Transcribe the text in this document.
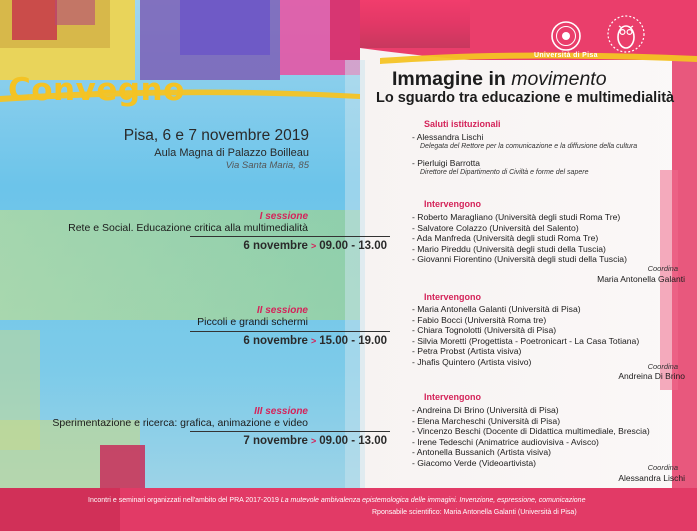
Università di Pisa
Convegno	Immagine in movimento
Lo sguardo tra educazione e multimedialità
Pisa, 6 e 7 novembre 2019
Aula Magna di Palazzo Boilleau
Via Santa Maria, 85
I sessione
Rete e Social. Educazione critica alla multimedialità
6 novembre > 09.00 - 13.00
II sessione
Piccoli e grandi schermi
6 novembre > 15.00 - 19.00
III sessione
Sperimentazione e ricerca: grafica, animazione e video
7 novembre > 09.00 - 13.00
Saluti istituzionali
- Alessandra Lischi
Delegata del Rettore per la comunicazione e la diffusione della cultura
- Pierluigi Barrotta
Direttore del Dipartimento di Civiltà e forme del sapere
Intervengono
- Roberto Maragliano (Università degli studi Roma Tre)
- Salvatore Colazzo (Università del Salento)
- Ada Manfreda (Università degli studi Roma Tre)
- Mario Pireddu (Università degli studi della Tuscia)
- Giovanni Fiorentino (Università degli studi della Tuscia)
Coordina
Maria Antonella Galanti
Intervengono
- Maria Antonella Galanti (Università di Pisa)
- Fabio Bocci (Università Roma tre)
- Chiara Tognolotti (Università di Pisa)
- Silvia Moretti (Progettista - Poetronicart - La Casa Totiana)
- Petra Probst (Artista visiva)
- Jhafis Quintero (Artista visivo)	Coordina
Andreina Di Brino
Intervengono
- Andreina Di Brino (Università di Pisa)
- Elena Marcheschi (Università di Pisa)
- Vincenzo Beschi (Docente di Didattica multimediale, Brescia)
- Irene Tedeschi (Animatrice audiovisiva - Avisco)
- Antonella Bussanich (Artista visiva)
- Giacomo Verde (Videoartivista)	Coordina
Alessandra Lischi
Incontri e seminari organizzati nell'ambito del PRA 2017-2019 La mutevole ambivalenza epistemologica delle immagini. Invenzione, espressione, comunicazione
Rponsabile scientifico: Maria Antonella Galanti (Università di Pisa)
